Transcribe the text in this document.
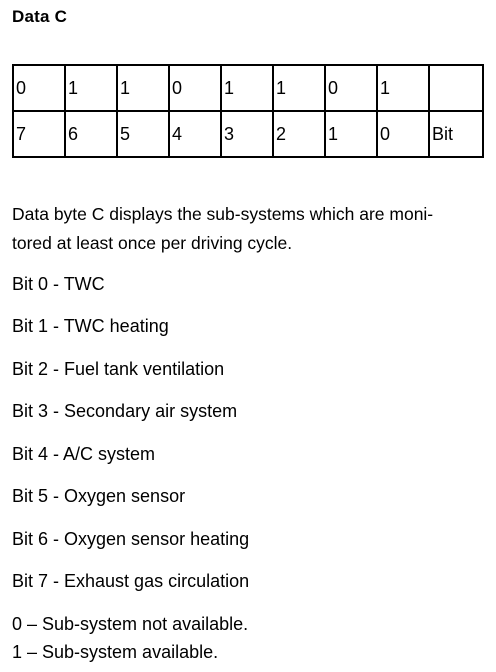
Data C
0	1	1	0	1	1	0	1	
7	6	5	4	3	2	1	0	Bit
Data byte C displays the sub-systems which are moni-
tored at least once per driving cycle.
Bit 0 - TWC
Bit 1 - TWC heating
Bit 2 - Fuel tank ventilation
Bit 3 - Secondary air system
Bit 4 - A/C system
Bit 5 - Oxygen sensor
Bit 6 - Oxygen sensor heating
Bit 7 - Exhaust gas circulation
0 – Sub-system not available.
1 – Sub-system available.
